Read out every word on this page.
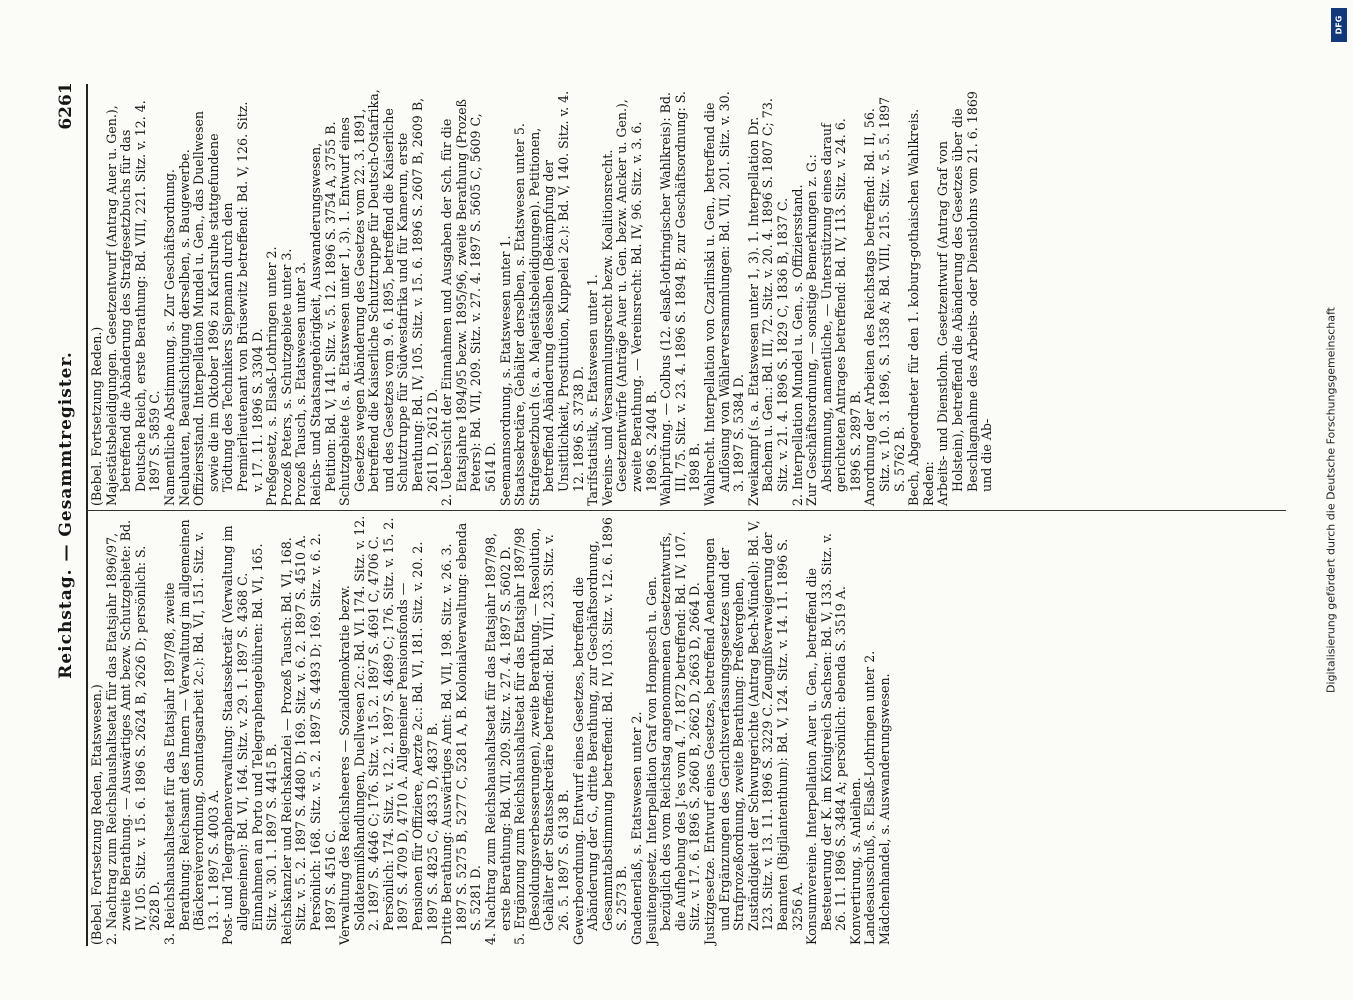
Reichstag. — Gesammtregister.
6261

(Bebel. Fortsetzung Reden, Etatswesen.) 2. Nachtrag zum Reichshaushaltsetat für das Etatsjahr 1896/97, zweite Berathung. — Auswärtiges Amt bezw. Schutzgebiete: Bd. IV, 105. Sitz. v. 15. 6. 1896 S. 2624 B, 2626 D; persönlich: S. 2628 D. 3. Reichshaushaltsetat für das Etatsjahr 1897/98, zweite Berathung: Reichsamt des Innern — Verwaltung im allgemeinen (Bäckereiverordnung, Sonntagsarbeit 2c.): Bd. VI, 151. Sitz. v. 13. 1. 1897 S. 4003 A. Post- und Telegraphenverwaltung: Staatssekretär (Verwaltung im allgemeinen): Bd. VI, 164. Sitz. v. 29. 1. 1897 S. 4368 C. Einnahmen an Porto und Telegraphengebühren: Bd. VI, 165. Sitz. v. 30. 1. 1897 S. 4415 B. Reichskanzler und Reichskanzlei — Prozeß Tausch: Bd. VI, 168. Sitz. v. 5. 2. 1897 S. 4480 D; 169. Sitz. v. 6. 2. 1897 S. 4510 A. Persönlich: 168. Sitz. v. 5. 2. 1897 S. 4493 D; 169. Sitz. v. 6. 2. 1897 S. 4516 C. Verwaltung des Reichsheeres — Sozialdemokratie bezw. Soldatenmißhandlungen, Duellwesen 2c.: Bd. VI. 174. Sitz. v. 12. 2. 1897 S. 4646 C; 176. Sitz. v. 15. 2. 1897 S. 4691 C, 4706 C. Persönlich: 174. Sitz. v. 12. 2. 1897 S. 4689 C; 176. Sitz. v. 15. 2. 1897 S. 4709 D, 4710 A. Allgemeiner Pensionsfonds — Pensionen für Offiziere, Aerzte 2c.: Bd. VI, 181. Sitz. v. 20. 2. 1897 S. 4825 C, 4833 D, 4837 B. Dritte Berathung: Auswärtiges Amt: Bd. VII, 198. Sitz. v. 26. 3. 1897 S. 5275 B, 5277 C, 5281 A, B. Kolonialverwaltung: ebenda S. 5281 D. 4. Nachtrag zum Reichshaushaltsetat für das Etatsjahr 1897/98, erste Berathung: Bd. VII, 209. Sitz. v. 27. 4. 1897 S. 5602 D. 5. Ergänzung zum Reichshaushaltsetat für das Etatsjahr 1897/98 (Besoldungsverbesserungen), zweite Berathung. — Resolution, Gehälter der Staatssekretäre betreffend: Bd. VIII, 233. Sitz. v. 26. 5. 1897 S. 6138 B. Gewerbeordnung. Entwurf eines Gesetzes, betreffend die Abänderung der G., dritte Berathung, zur Geschäftsordnung, Gesammtabstimmung betreffend: Bd. IV, 103. Sitz. v. 12. 6. 1896 S. 2573 B. Gnadenerlaß, s. Etatswesen unter 2. Jesuitengesetz. Interpellation Graf von Hompesch u. Gen. bezüglich des vom Reichstag angenommenen Gesetzentwurfs, die Aufhebung des J.'es vom 4. 7. 1872 betreffend: Bd. IV, 107. Sitz. v. 17. 6. 1896 S. 2660 B, 2662 D, 2663 D, 2664 D. Justizgesetze. Entwurf eines Gesetzes, betreffend Aenderungen und Ergänzungen des Gerichtsverfassungsgesetzes und der Strafprozeßordnung, zweite Berathung: Preßvergehen, Zuständigkeit der Schwurgerichte (Antrag Bech-Mündel): Bd. V, 123. Sitz. v. 13. 11. 1896 S. 3229 C. Zeugnißverweigerung der Beamten (Bigilantenthum): Bd. V, 124. Sitz. v. 14. 11. 1896 S. 3256 A. Konsumvereine. Interpellation Auer u. Gen., betreffend die Besteuerung der K. im Königreich Sachsen: Bd. V, 133. Sitz. v. 26. 11. 1896 S. 3484 A; persönlich: ebenda S. 3519 A. Konvertirung, s. Anleihen. Landesausschuß, s. Elsaß-Lothringen unter 2. Mädchenhandel, s. Auswanderungswesen.

(Bebel. Fortsetzung Reden.) Majestätsbeleidigungen. Gesetzentwurf (Antrag Auer u. Gen.), betreffend die Abänderung des Strafgesetzbuchs für das Deutsche Reich, erste Berathung: Bd. VIII, 221. Sitz. v. 12. 4. 1897 S. 5859 C. Namentliche Abstimmung, s. Zur Geschäftsordnung. Neubauten, Beaufsichtigung derselben, s. Baugewerbe. Offiziersstand. Interpellation Mundel u. Gen., das Duellwesen sowie die im Oktober 1896 zu Karlsruhe stattgefundene Tödtung des Technikers Siepmann durch den Premierlieutenant von Brüsewitz betreffend: Bd. V, 126. Sitz. v. 17. 11. 1896 S. 3304 D. Preßgesetz, s. Elsaß-Lothringen unter 2. Prozeß Peters, s. Schutzgebiete unter 3. Prozeß Tausch, s. Etatswesen unter 3. Reichs- und Staatsangehörigkeit, Auswanderungswesen, Petition: Bd. V, 141. Sitz. v. 5. 12. 1896 S. 3754 A, 3755 B. Schutzgebiete (s. a. Etatswesen unter 1, 3). 1. Entwurf eines Gesetzes wegen Abänderung des Gesetzes vom 22. 3. 1891, betreffend die Kaiserliche Schutztruppe für Deutsch-Ostafrika, und des Gesetzes vom 9. 6. 1895, betreffend die Kaiserliche Schutztruppe für Südwestafrika und für Kamerun, erste Berathung: Bd. IV, 105. Sitz. v. 15. 6. 1896 S. 2607 B, 2609 B, 2611 D, 2612 D. 2. Uebersicht der Einnahmen und Ausgaben der Sch. für die Etatsjahre 1894/95 bezw. 1895/96, zweite Berathung (Prozeß Peters): Bd. VII, 209. Sitz. v. 27. 4. 1897 S. 5605 C, 5609 C, 5614 D. Seemannsordnung, s. Etatswesen unter 1. Staatssekretäre, Gehälter derselben, s. Etatswesen unter 5. Strafgesetzbuch (s. a. Majestätsbeleidigungen). Petitionen, betreffend Abänderung desselben (Bekämpfung der Unsittlichkeit, Prostitution, Kuppelei 2c.): Bd. V, 140. Sitz. v. 4. 12. 1896 S. 3738 D. Tarifstatistik, s. Etatswesen unter 1. Vereins- und Versammlungsrecht bezw. Koalitionsrecht. Gesetzentwürfe (Anträge Auer u. Gen. bezw. Ancker u. Gen.), zweite Berathung. — Vereinsrecht: Bd. IV, 96. Sitz. v. 3. 6. 1896 S. 2404 B. Wahlprüfung. — Colbus (12. elsaß-lothringischer Wahlkreis): Bd. III, 75. Sitz. v. 23. 4. 1896 S. 1894 B; zur Geschäftsordnung: S. 1898 B. Wahlrecht. Interpellation von Czarlinski u. Gen., betreffend die Auflösung von Wählerversammlungen: Bd. VII, 201. Sitz. v. 30. 3. 1897 S. 5384 D. Zweikampf (s. a. Etatswesen unter 1, 3). 1. Interpellation Dr. Bachem u. Gen.: Bd. III, 72. Sitz. v. 20. 4. 1896 S. 1807 C; 73. Sitz. v. 21. 4. 1896 S. 1829 C, 1836 B, 1837 C. 2. Interpellation Mundel u. Gen., s. Offiziersstand. Zur Geschäftsordnung, — sonstige Bemerkungen z. G.: Abstimmung, namentliche, — Unterstützung eines darauf gerichteten Antrages betreffend: Bd. IV, 113. Sitz. v. 24. 6. 1896 S. 2897 B. Anordnung der Arbeiten des Reichstags betreffend: Bd. II, 56. Sitz. v. 10. 3. 1896, S. 1358 A; Bd. VIII, 215. Sitz. v. 5. 5. 1897 S. 5762 B. Bech, Abgeordneter für den 1. koburg-gothaischen Wahlkreis. Reden: Arbeits- und Dienstlohn. Gesetzentwurf (Antrag Graf von Holstein), betreffend die Abänderung des Gesetzes über die Beschlagnahme des Arbeits- oder Dienstlohns vom 21. 6. 1869 und die Ab-	Digitalisierung gefördert durch die Deutsche Forschungsgemeinschaft
DFG
